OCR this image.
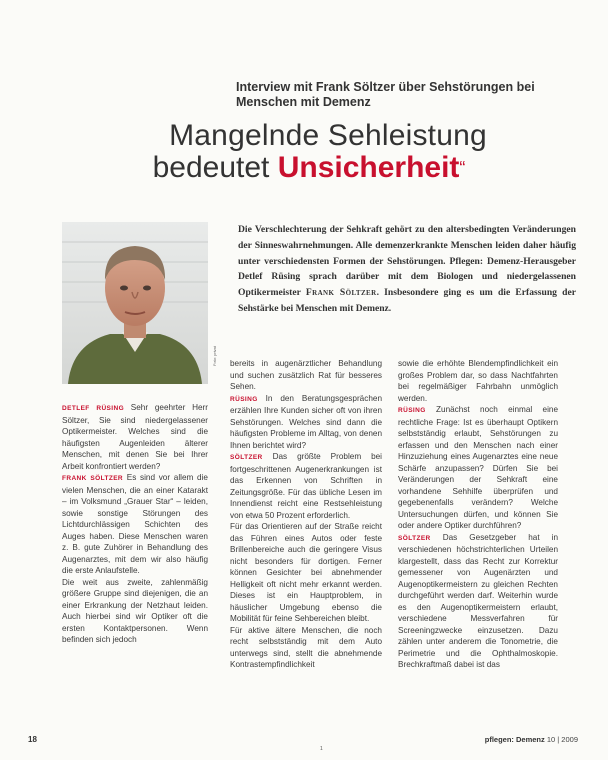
Interview mit Frank Söltzer über Sehstörungen bei Menschen mit Demenz
Mangelnde Sehleistung
bedeutet Unsicherheit“
Foto: privat
Die Verschlechterung der Sehkraft gehört zu den altersbedingten Veränderungen der Sinneswahrnehmungen. Alle demenzerkrankte Menschen leiden daher häufig unter verschiedensten Formen der Sehstörungen. Pflegen: Demenz-Herausgeber Detlef Rüsing sprach darüber mit dem Biologen und niedergelassenen Optikermeister Frank Söltzer. Insbesondere ging es um die Erfassung der Sehstärke bei Menschen mit Demenz.

DETLEF RÜSING Sehr geehrter Herr Söltzer, Sie sind niedergelassener Optikermeister. Welches sind die häufigsten Augenleiden älterer Menschen, mit denen Sie bei Ihrer Arbeit konfrontiert werden?

FRANK SÖLTZER Es sind vor allem die vielen Menschen, die an einer Katarakt – im Volksmund „Grauer Star“ – leiden, sowie sonstige Störungen des Lichtdurchlässigen Schichten des Auges haben. Diese Menschen waren z. B. gute Zuhörer in Behandlung des Augenarztes, mit dem wir also häufig die erste Anlaufstelle.

Die weit aus zweite, zahlenmäßig größere Gruppe sind diejenigen, die an einer Erkrankung der Netzhaut leiden. Auch hierbei sind wir Optiker oft die ersten Kontaktpersonen. Wenn befinden sich jedoch

bereits in augenärztlicher Behandlung und suchen zusätzlich Rat für besseres Sehen.

RÜSING In den Beratungsgesprächen erzählen Ihre Kunden sicher oft von ihren Sehstörungen. Welches sind dann die häufigsten Probleme im Alltag, von denen Ihnen berichtet wird?

SÖLTZER Das größte Problem bei fortgeschrittenen Augenerkrankungen ist das Erkennen von Schriften in Zeitungsgröße. Für das übliche Lesen im Innendienst reicht eine Restsehleistung von etwa 50 Prozent erforderlich.

Für das Orientieren auf der Straße reicht das Führen eines Autos oder feste Brillenbereiche auch die geringere Visus nicht besonders für dortigen. Ferner können Gesichter bei abnehmender Helligkeit oft nicht mehr erkannt werden. Dieses ist ein Hauptproblem, in häuslicher Umgebung ebenso die Mobilität für feine Sehbereichen bleibt.

Für aktive ältere Menschen, die noch recht selbstständig mit dem Auto unterwegs sind, stellt die abnehmende Kontrastempfindlichkeit

sowie die erhöhte Blendempfindlichkeit ein großes Problem dar, so dass Nachtfahrten bei regelmäßiger Fahrbahn unmöglich werden.

RÜSING Zunächst noch einmal eine rechtliche Frage: Ist es überhaupt Optikern selbstständig erlaubt, Sehstörungen zu erfassen und den Menschen nach einer Hinzuziehung eines Augenarztes eine neue Schärfe anzupassen? Dürfen Sie bei Veränderungen der Sehkraft eine vorhandene Sehhilfe überprüfen und gegebenenfalls verändern? Welche Untersuchungen dürfen, und können Sie oder andere Optiker durchführen?

SÖLTZER Das Gesetzgeber hat in verschiedenen höchstrichterlichen Urteilen klargestellt, dass das Recht zur Korrektur gemessener von Augenärzten und Augenoptikermeistern zu gleichen Rechten durchgeführt werden darf. Weiterhin wurde es den Augenoptikermeistern erlaubt, verschiedene Messverfahren für Screeningzwecke einzusetzen. Dazu zählen unter anderem die Tonometrie, die Perimetrie und die Ophthalmoskopie. Brechkraftmaß dabei ist das

18
1
pflegen: Demenz 10 | 2009
